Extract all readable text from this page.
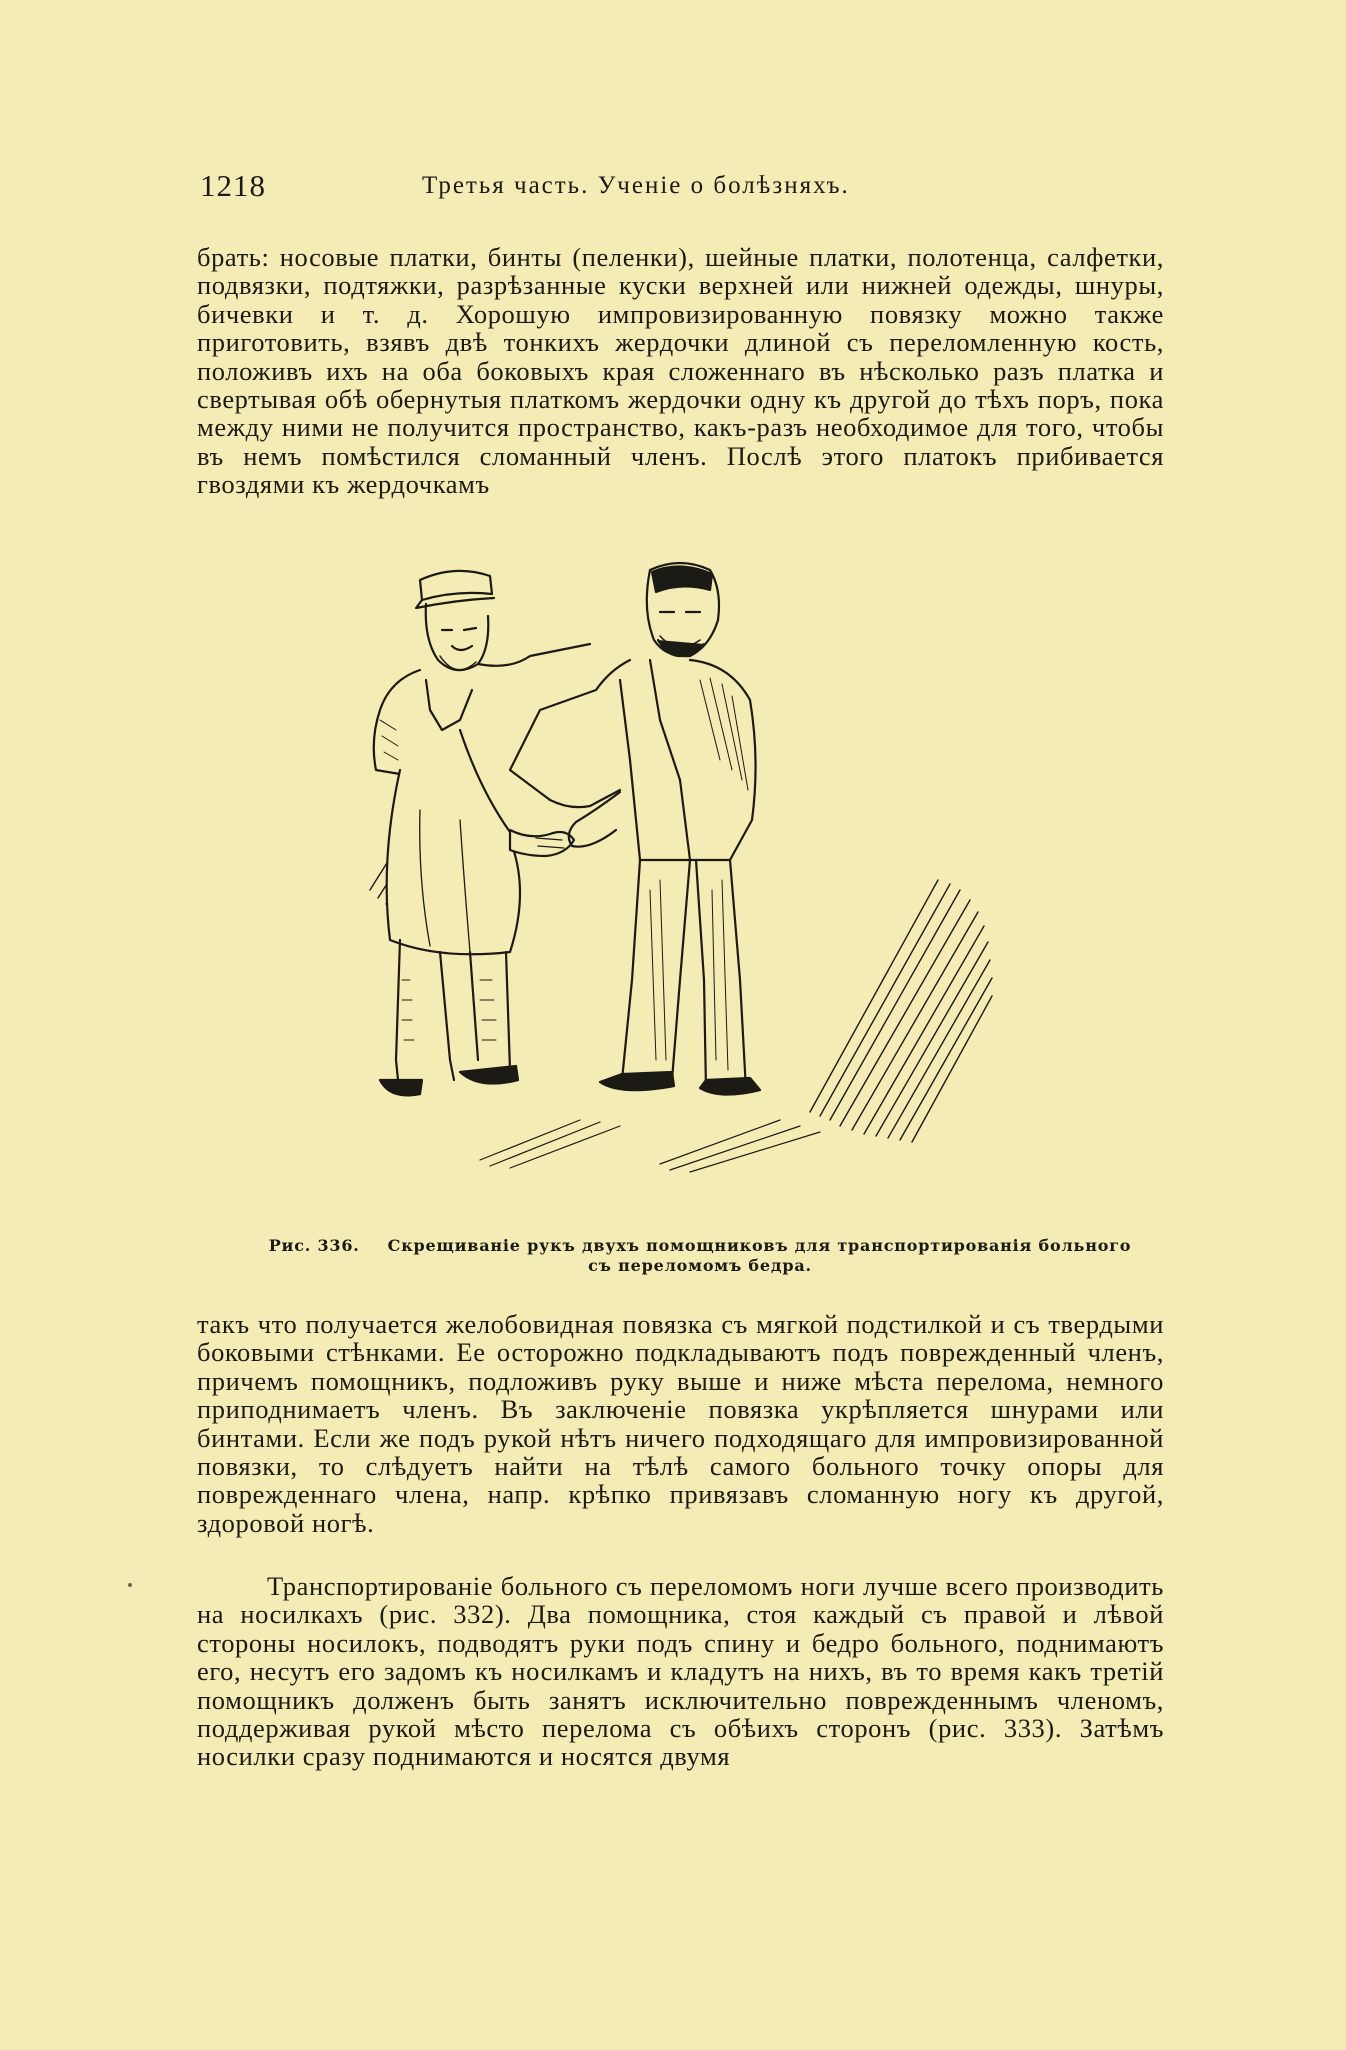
1218	Третья часть. Ученіе о болѣзняхъ.

брать: носовые платки, бинты (пеленки), шейные платки, полотенца, салфетки, подвязки, подтяжки, разрѣзанные куски верхней или нижней одежды, шнуры, бичевки и т. д. Хорошую импровизированную повязку можно также приготовить, взявъ двѣ тонкихъ жердочки длиной съ переломленную кость, положивъ ихъ на оба боковыхъ края сложеннаго въ нѣсколько разъ платка и свертывая обѣ обернутыя платкомъ жердочки одну къ другой до тѣхъ поръ, пока между ними не получится пространство, какъ-разъ необходимое для того, чтобы въ немъ помѣстился сломанный членъ. Послѣ этого платокъ прибивается гвоздями къ жердочкамъ

Рис. 336. Скрещиваніе рукъ двухъ помощниковъ для транспортированія больного
съ переломомъ бедра.

такъ что получается желобовидная повязка съ мягкой подстилкой и съ твердыми боковыми стѣнками. Ее осторожно подкладываютъ подъ поврежденный членъ, причемъ помощникъ, подложивъ руку выше и ниже мѣста перелома, немного приподнимаетъ членъ. Въ заключеніе повязка укрѣпляется шнурами или бинтами. Если же подъ рукой нѣтъ ничего подходящаго для импровизированной повязки, то слѣдуетъ найти на тѣлѣ самого больного точку опоры для поврежденнаго члена, напр. крѣпко привязавъ сломанную ногу къ другой, здоровой ногѣ.

Транспортированіе больного съ переломомъ ноги лучше всего производить на носилкахъ (рис. 332). Два помощника, стоя каждый съ правой и лѣвой стороны носилокъ, подводятъ руки подъ спину и бедро больного, поднимаютъ его, несутъ его задомъ къ носилкамъ и кладутъ на нихъ, въ то время какъ третій помощникъ долженъ быть занятъ исключительно поврежденнымъ членомъ, поддерживая рукой мѣсто перелома съ обѣихъ сторонъ (рис. 333). Затѣмъ носилки сразу поднимаются и носятся двумя
